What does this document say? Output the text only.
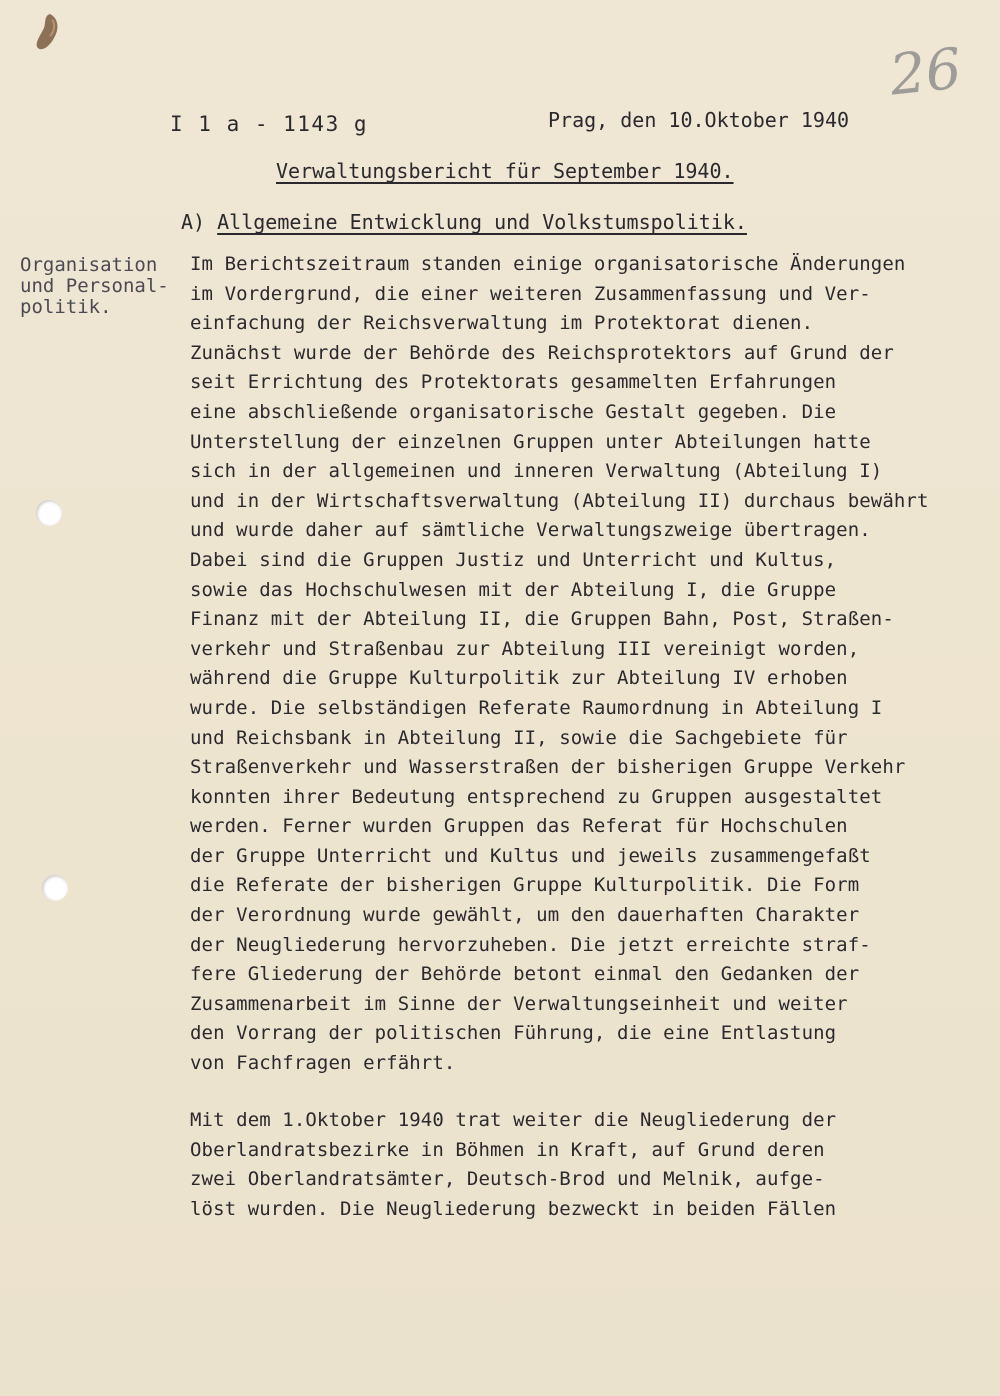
26
I 1 a - 1143 g	Prag, den 10.Oktober 1940
Verwaltungsbericht für September 1940.
A) Allgemeine Entwicklung und Volkstumspolitik.
Organisation
und Personal-
politik.
Im Berichtszeitraum standen einige organisatorische Änderungen
im Vordergrund, die einer weiteren Zusammenfassung und Ver-
einfachung der Reichsverwaltung im Protektorat dienen.
Zunächst wurde der Behörde des Reichsprotektors auf Grund der
seit Errichtung des Protektorats gesammelten Erfahrungen
eine abschließende organisatorische Gestalt gegeben. Die
Unterstellung der einzelnen Gruppen unter Abteilungen hatte
sich in der allgemeinen und inneren Verwaltung (Abteilung I)
und in der Wirtschaftsverwaltung (Abteilung II) durchaus bewährt
und wurde daher auf sämtliche Verwaltungszweige übertragen.
Dabei sind die Gruppen Justiz und Unterricht und Kultus,
sowie das Hochschulwesen mit der Abteilung I, die Gruppe
Finanz mit der Abteilung II, die Gruppen Bahn, Post, Straßen-
verkehr und Straßenbau zur Abteilung III vereinigt worden,
während die Gruppe Kulturpolitik zur Abteilung IV erhoben
wurde. Die selbständigen Referate Raumordnung in Abteilung I
und Reichsbank in Abteilung II, sowie die Sachgebiete für
Straßenverkehr und Wasserstraßen der bisherigen Gruppe Verkehr
konnten ihrer Bedeutung entsprechend zu Gruppen ausgestaltet
werden. Ferner wurden Gruppen das Referat für Hochschulen
der Gruppe Unterricht und Kultus und jeweils zusammengefaßt
die Referate der bisherigen Gruppe Kulturpolitik. Die Form
der Verordnung wurde gewählt, um den dauerhaften Charakter
der Neugliederung hervorzuheben. Die jetzt erreichte straf-
fere Gliederung der Behörde betont einmal den Gedanken der
Zusammenarbeit im Sinne der Verwaltungseinheit und weiter
den Vorrang der politischen Führung, die eine Entlastung
von Fachfragen erfährt.
Mit dem 1.Oktober 1940 trat weiter die Neugliederung der
Oberlandratsbezirke in Böhmen in Kraft, auf Grund deren
zwei Oberlandratsämter, Deutsch-Brod und Melnik, aufge-
löst wurden. Die Neugliederung bezweckt in beiden Fällen
